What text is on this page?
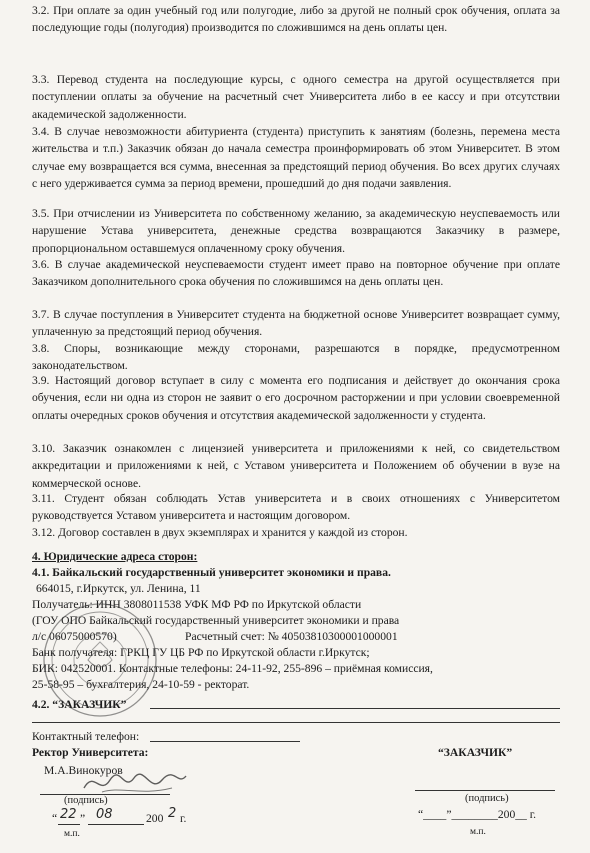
3.2. При оплате за один учебный год или полугодие, либо за другой не полный срок обучения, оплата за последующие годы (полугодия) производится по сложившимся на день оплаты цен.

3.3. Перевод студента на последующие курсы, с одного семестра на другой осуществляется при поступлении оплаты за обучение на расчетный счет Университета либо в ее кассу и при отсутствии академической задолженности.

3.4. В случае невозможности абитуриента (студента) приступить к занятиям (болезнь, перемена места жительства и т.п.) Заказчик обязан до начала семестра проинформировать об этом Университет. В этом случае ему возвращается вся сумма, внесенная за предстоящий период обучения. Во всех других случаях с него удерживается сумма за период времени, прошедший до дня подачи заявления.

3.5. При отчислении из Университета по собственному желанию, за академическую неуспеваемость или нарушение Устава университета, денежные средства возвращаются Заказчику в размере, пропорциональном оставшемуся оплаченному сроку обучения.

3.6. В случае академической неуспеваемости студент имеет право на повторное обучение при оплате Заказчиком дополнительного срока обучения по сложившимся на день оплаты цен.

3.7. В случае поступления в Университет студента на бюджетной основе Университет возвращает сумму, уплаченную за предстоящий период обучения.

3.8. Споры, возникающие между сторонами, разрешаются в порядке, предусмотренном законодательством.

3.9. Настоящий договор вступает в силу с момента его подписания и действует до окончания срока обучения, если ни одна из сторон не заявит о его досрочном расторжении и при условии своевременной оплаты очередных сроков обучения и отсутствия академической задолженности у студента.

3.10. Заказчик ознакомлен с лицензией университета и приложениями к ней, со свидетельством аккредитации и приложениями к ней, с Уставом университета и Положением об обучении в вузе на коммерческой основе.

3.11. Студент обязан соблюдать Устав университета и в своих отношениях с Университетом руководствуется Уставом университета и настоящим договором.

3.12. Договор составлен в двух экземплярах и хранится у каждой из сторон.

4. Юридические адреса сторон:
4.1. Байкальский государственный университет экономики и права.
664015, г.Иркутск, ул. Ленина, 11
Получатель: ИНН 3808011538 УФК МФ РФ по Иркутской области
(ГОУ ОПО Байкальский государственный университет экономики и права
л/с 06075000570)	Расчетный счет: № 40503810300001000001
Банк получателя: ГРКЦ ГУ ЦБ РФ по Иркутской области г.Иркутск;
БИК: 042520001. Контактные телефоны: 24-11-92, 255-896 – приёмная комиссия,
25-58-95 – бухгалтерия, 24-10-59 - ректорат.
4.2. “ЗАКАЗЧИК”
Контактный телефон:
Ректор Университета:
М.А.Винокуров
“ЗАКАЗЧИК”
(подпись)	(подпись)
“ 22 ” 08	200 2 г.
м.п.
“____”________200__ г.
м.п.
